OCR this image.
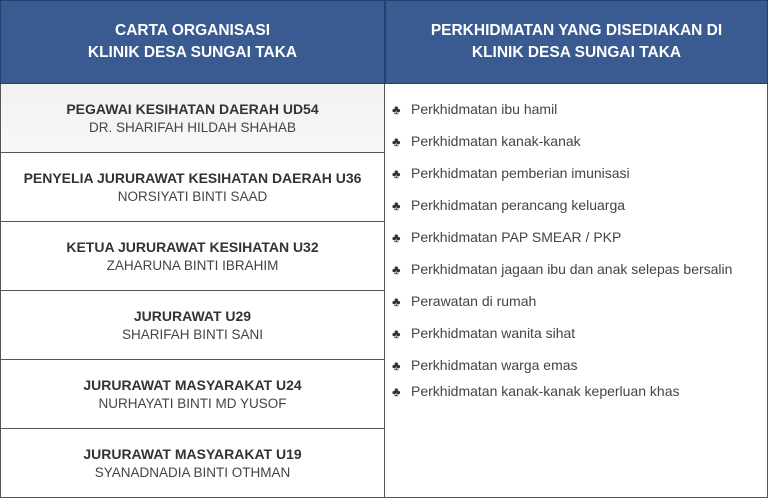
CARTA ORGANISASI
KLINIK DESA SUNGAI TAKA
PERKHIDMATAN YANG DISEDIAKAN DI
KLINIK DESA SUNGAI TAKA
PEGAWAI KESIHATAN DAERAH UD54
DR. SHARIFAH HILDAH SHAHAB
PENYELIA JURURAWAT KESIHATAN DAERAH U36
NORSIYATI BINTI SAAD
KETUA JURURAWAT KESIHATAN U32
ZAHARUNA BINTI IBRAHIM
JURURAWAT U29
SHARIFAH BINTI SANI
JURURAWAT MASYARAKAT U24
NURHAYATI BINTI MD YUSOF
JURURAWAT MASYARAKAT U19
SYANADNADIA BINTI OTHMAN
♣ Perkhidmatan ibu hamil
♣ Perkhidmatan kanak-kanak
♣ Perkhidmatan pemberian imunisasi
♣ Perkhidmatan perancang keluarga
♣ Perkhidmatan PAP SMEAR / PKP
♣ Perkhidmatan jagaan ibu dan anak selepas bersalin
♣ Perawatan di rumah
♣ Perkhidmatan wanita sihat
♣ Perkhidmatan warga emas
♣ Perkhidmatan kanak-kanak keperluan khas
